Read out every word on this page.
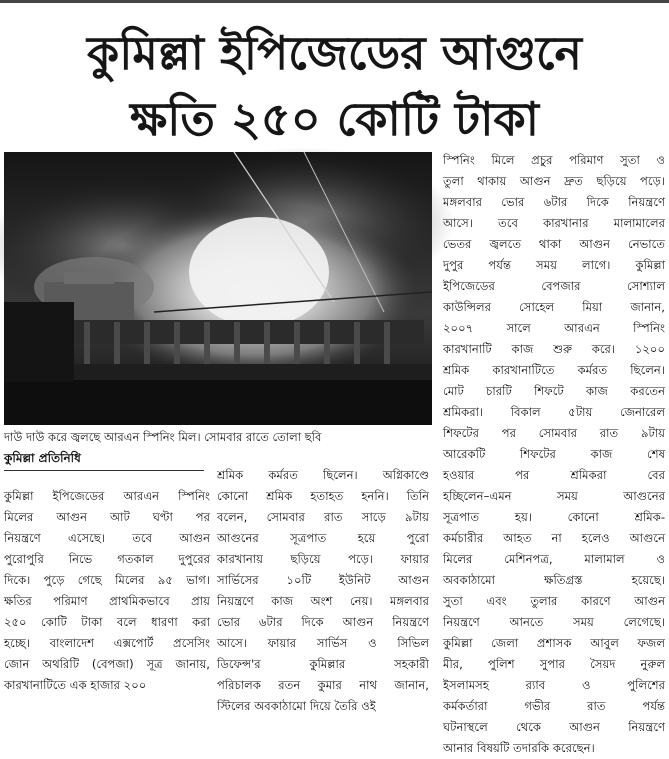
কুমিল্লা ইপিজেডের আগুনে
ক্ষতি ২৫০ কোটি টাকা
দাউ দাউ করে জ্বলছে আরএন স্পিনিং মিল। সোমবার রাতে তোলা ছবি
কুমিল্লা প্রতিনিধি
কুমিল্লা ইপিজেডের আরএন স্পিনিং
মিলের আগুন আট ঘণ্টা পর
নিয়ন্ত্রণে এসেছে। তবে আগুন
পুরোপুরি নিভে গতকাল দুপুরের
দিকে। পুড়ে গেছে মিলের ৯৫ ভাগ।
ক্ষতির পরিমাণ প্রাথমিকভাবে প্রায়
২৫০ কোটি টাকা বলে ধারণা করা
হচ্ছে। বাংলাদেশ এক্সপোর্ট প্রসেসিং
জোন অথরিটি (বেপজা) সূত্র জানায়,
কারখানাটিতে এক হাজার ২০০
শ্রমিক কর্মরত ছিলেন। অগ্নিকাণ্ডে
কোনো শ্রমিক হতাহত হননি। তিনি
বলেন, সোমবার রাত সাড়ে ৯টায়
আগুনের সূত্রপাত হয়ে পুরো
কারখানায় ছড়িয়ে পড়ে। ফায়ার
সার্ভিসের ১০টি ইউনিট আগুন
নিয়ন্ত্রণে কাজ অংশ নেয়। মঙ্গলবার
ভোর ৬টার দিকে আগুন নিয়ন্ত্রণে
আসে। ফায়ার সার্ভিস ও সিভিল
ডিফেন্স'র কুমিল্লার সহকারী
পরিচালক রতন কুমার নাথ জানান,
স্টিলের অবকাঠামো দিয়ে তৈরি ওই
স্পিনিং মিলে প্রচুর পরিমাণ সুতা ও
তুলা থাকায় আগুন দ্রুত ছড়িয়ে পড়ে।
মঙ্গলবার ভোর ৬টার দিকে নিয়ন্ত্রণে
আসে। তবে কারখানার মালামালের
ভেতর জ্বলতে থাকা আগুন নেভাতে
দুপুর পর্যন্ত সময় লাগে। কুমিল্লা
ইপিজেডের বেপজার সোশ্যাল
কাউন্সিলর সোহেল মিয়া জানান,
২০০৭ সালে আরএন স্পিনিং
কারখানাটি কাজ শুরু করে। ১২০০
শ্রমিক কারখানাটিতে কর্মরত ছিলেন।
মোট চারটি শিফটে কাজ করতেন
শ্রমিকরা। বিকাল ৫টায় জেনারেল
শিফটের পর সোমবার রাত ৯টায়
আরেকটি শিফটের কাজ শেষ
হওয়ার পর শ্রমিকরা বের
হচ্ছিলেন–এমন সময় আগুনের
সূত্রপাত হয়। কোনো শ্রমিক-
কর্মচারীর আহত না হলেও আগুনে
মিলের মেশিনপত্র, মালামাল ও
অবকাঠামো ক্ষতিগ্রস্ত হয়েছে।
সুতা এবং তুলার কারণে আগুন
নিয়ন্ত্রণে আনতে সময় লেগেছে।
কুমিল্লা জেলা প্রশাসক আবুল ফজল
মীর, পুলিশ সুপার সৈয়দ নুরুল
ইসলামসহ র‍্যাব ও পুলিশের
কর্মকর্তারা গভীর রাত পর্যন্ত
ঘটনাস্থলে থেকে আগুন নিয়ন্ত্রণে
আনার বিষয়টি তদারকি করেছেন।
